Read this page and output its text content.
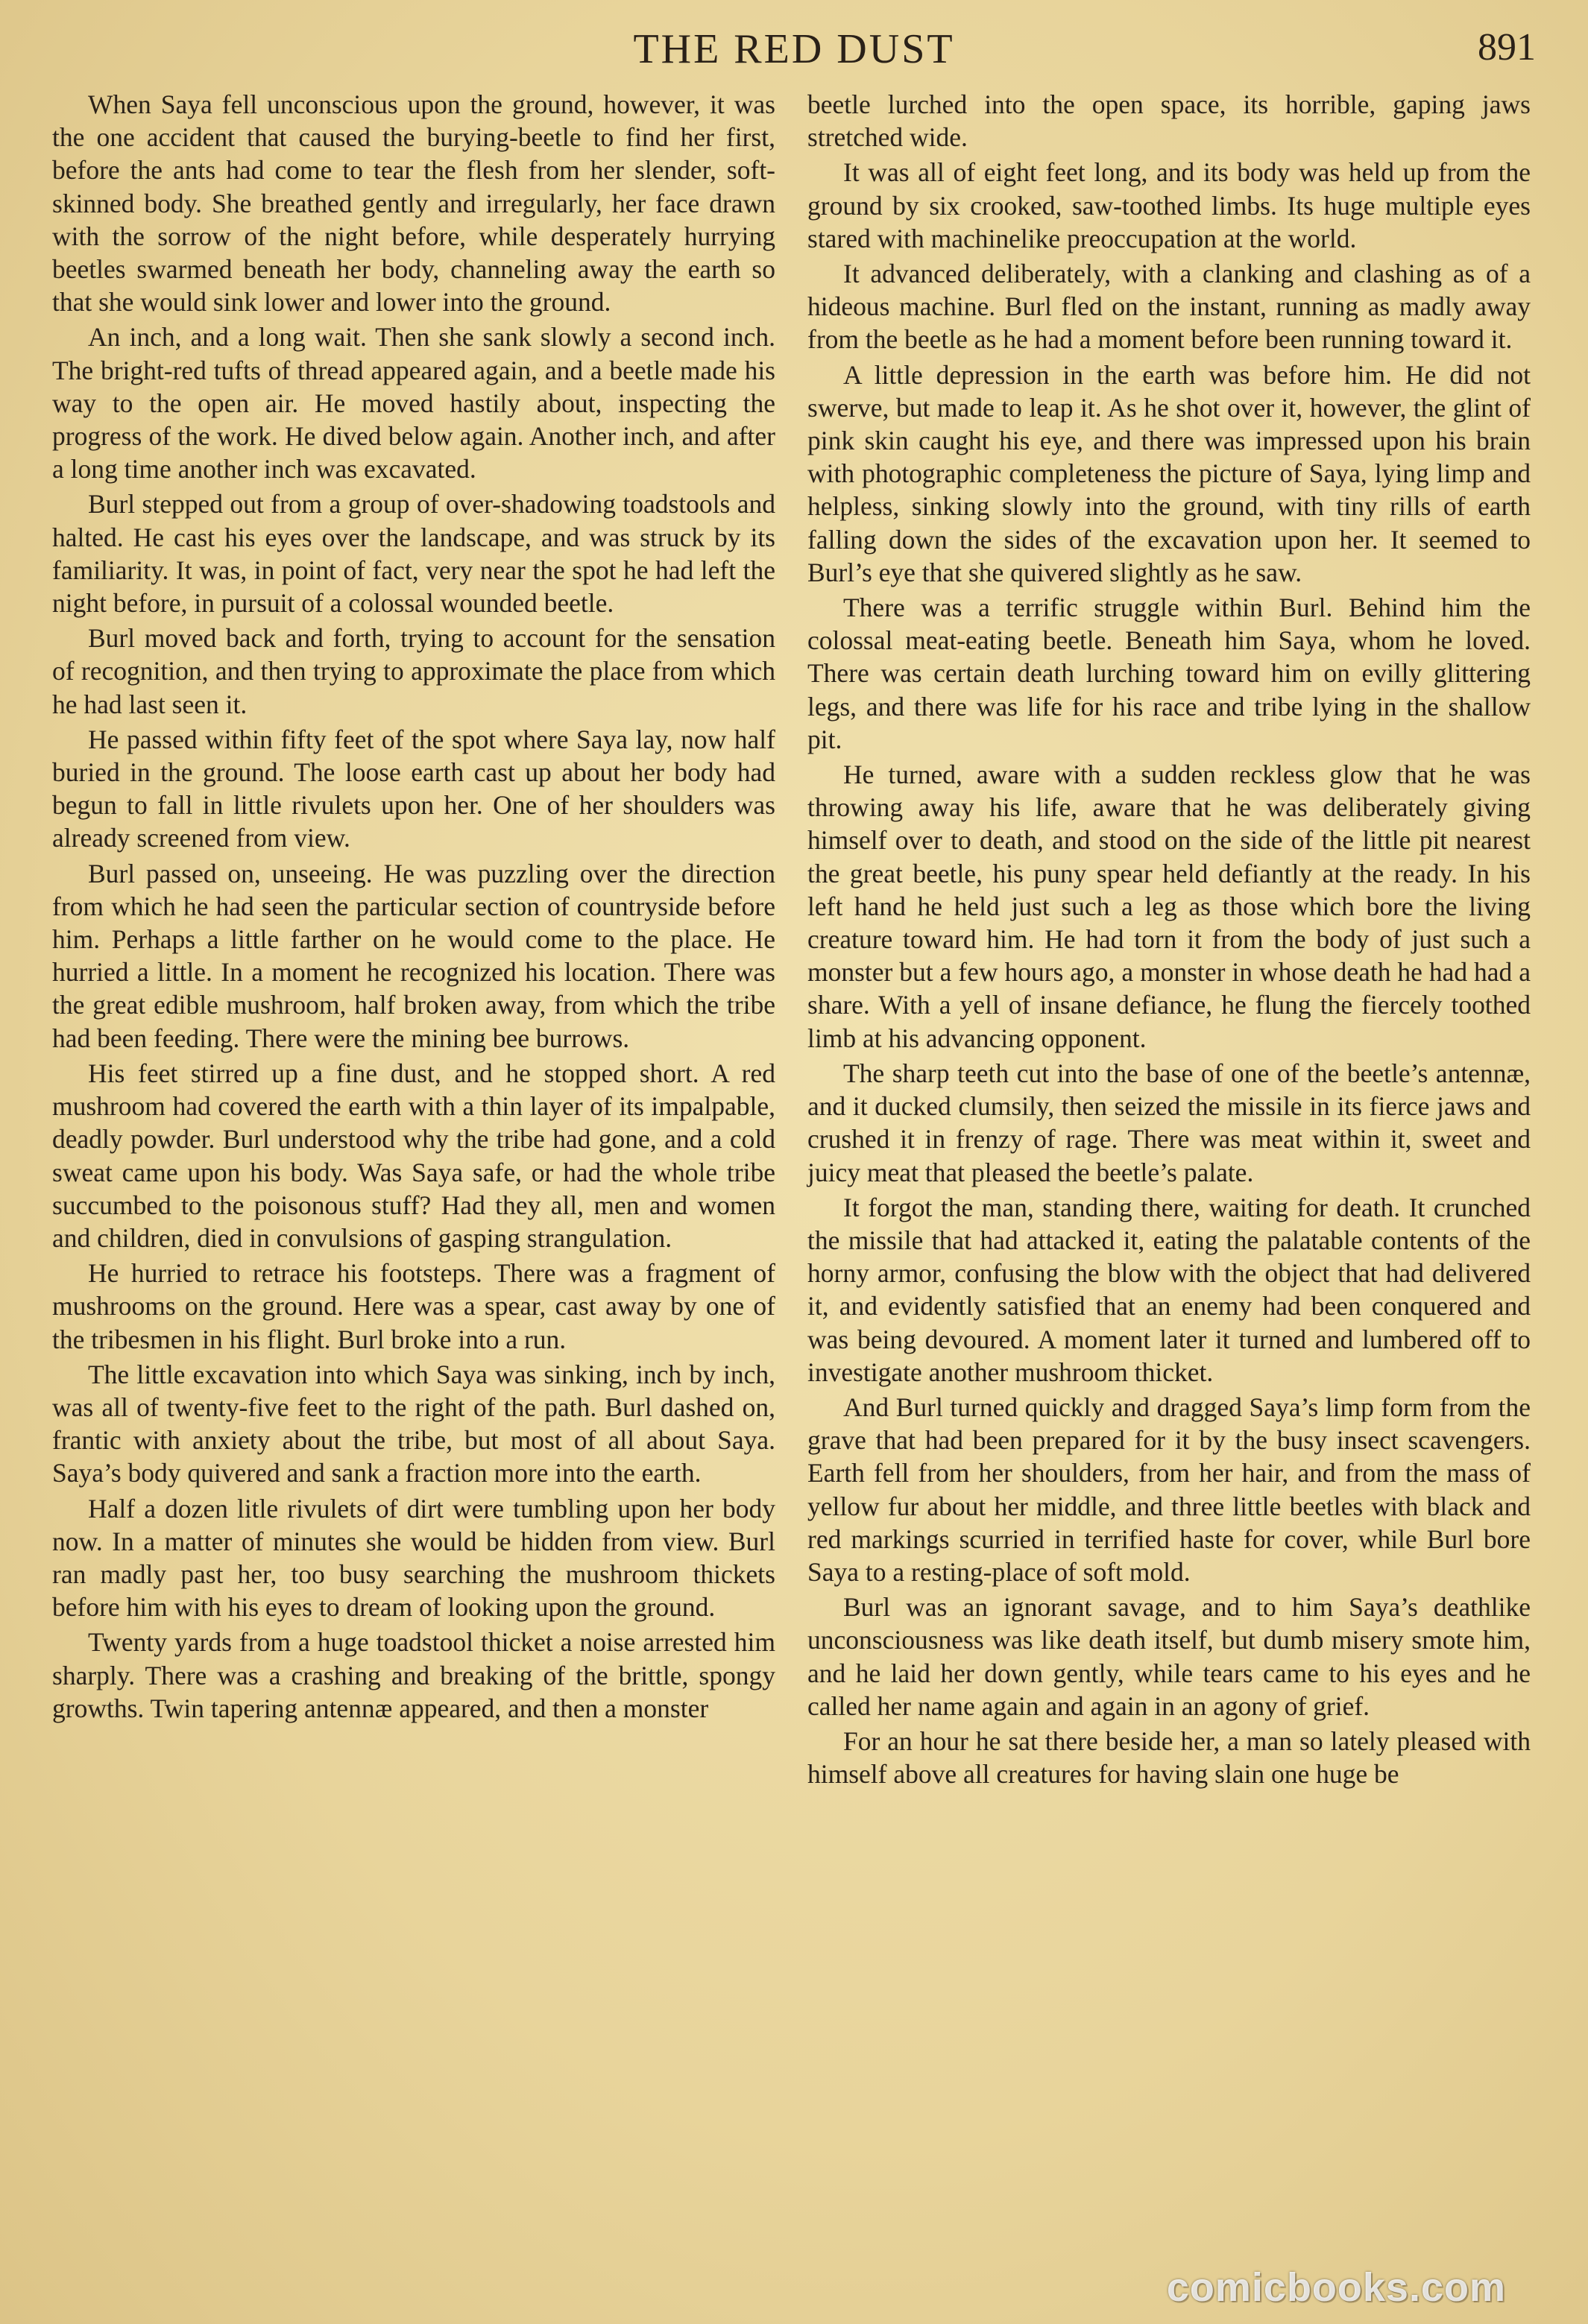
THE RED DUST	891

When Saya fell unconscious upon the ground, however, it was the one accident that caused the burying-beetle to find her first, before the ants had come to tear the flesh from her slender, soft-skinned body. She breathed gently and irregularly, her face drawn with the sorrow of the night before, while desperately hurrying beetles swarmed beneath her body, channeling away the earth so that she would sink lower and lower into the ground.

An inch, and a long wait. Then she sank slowly a second inch. The bright-red tufts of thread appeared again, and a beetle made his way to the open air. He moved hastily about, inspecting the progress of the work. He dived below again. Another inch, and after a long time another inch was excavated.

Burl stepped out from a group of over-shadowing toadstools and halted. He cast his eyes over the landscape, and was struck by its familiarity. It was, in point of fact, very near the spot he had left the night before, in pursuit of a colossal wounded beetle.

Burl moved back and forth, trying to account for the sensation of recognition, and then trying to approximate the place from which he had last seen it.

He passed within fifty feet of the spot where Saya lay, now half buried in the ground. The loose earth cast up about her body had begun to fall in little rivulets upon her. One of her shoulders was already screened from view.

Burl passed on, unseeing. He was puzzling over the direction from which he had seen the particular section of countryside before him. Perhaps a little farther on he would come to the place. He hurried a little. In a moment he recognized his location. There was the great edible mushroom, half broken away, from which the tribe had been feeding. There were the mining bee burrows.

His feet stirred up a fine dust, and he stopped short. A red mushroom had covered the earth with a thin layer of its impalpable, deadly powder. Burl understood why the tribe had gone, and a cold sweat came upon his body. Was Saya safe, or had the whole tribe succumbed to the poisonous stuff? Had they all, men and women and children, died in convulsions of gasping strangulation.

He hurried to retrace his footsteps. There was a fragment of mushrooms on the ground. Here was a spear, cast away by one of the tribesmen in his flight. Burl broke into a run.

The little excavation into which Saya was sinking, inch by inch, was all of twenty-five feet to the right of the path. Burl dashed on, frantic with anxiety about the tribe, but most of all about Saya. Saya’s body quivered and sank a fraction more into the earth.

Half a dozen litle rivulets of dirt were tumbling upon her body now. In a matter of minutes she would be hidden from view. Burl ran madly past her, too busy searching the mushroom thickets before him with his eyes to dream of looking upon the ground.

Twenty yards from a huge toadstool thicket a noise arrested him sharply. There was a crashing and breaking of the brittle, spongy growths. Twin tapering antennæ appeared, and then a monster

beetle lurched into the open space, its horrible, gaping jaws stretched wide.

It was all of eight feet long, and its body was held up from the ground by six crooked, saw-toothed limbs. Its huge multiple eyes stared with machinelike preoccupation at the world.

It advanced deliberately, with a clanking and clashing as of a hideous machine. Burl fled on the instant, running as madly away from the beetle as he had a moment before been running toward it.

A little depression in the earth was before him. He did not swerve, but made to leap it. As he shot over it, however, the glint of pink skin caught his eye, and there was impressed upon his brain with photographic completeness the picture of Saya, lying limp and helpless, sinking slowly into the ground, with tiny rills of earth falling down the sides of the excavation upon her. It seemed to Burl’s eye that she quivered slightly as he saw.

There was a terrific struggle within Burl. Behind him the colossal meat-eating beetle. Beneath him Saya, whom he loved. There was certain death lurching toward him on evilly glittering legs, and there was life for his race and tribe lying in the shallow pit.

He turned, aware with a sudden reckless glow that he was throwing away his life, aware that he was deliberately giving himself over to death, and stood on the side of the little pit nearest the great beetle, his puny spear held defiantly at the ready. In his left hand he held just such a leg as those which bore the living creature toward him. He had torn it from the body of just such a monster but a few hours ago, a monster in whose death he had had a share. With a yell of insane defiance, he flung the fiercely toothed limb at his advancing opponent.

The sharp teeth cut into the base of one of the beetle’s antennæ, and it ducked clumsily, then seized the missile in its fierce jaws and crushed it in frenzy of rage. There was meat within it, sweet and juicy meat that pleased the beetle’s palate.

It forgot the man, standing there, waiting for death. It crunched the missile that had attacked it, eating the palatable contents of the horny armor, confusing the blow with the object that had delivered it, and evidently satisfied that an enemy had been conquered and was being devoured. A moment later it turned and lumbered off to investigate another mushroom thicket.

And Burl turned quickly and dragged Saya’s limp form from the grave that had been prepared for it by the busy insect scavengers. Earth fell from her shoulders, from her hair, and from the mass of yellow fur about her middle, and three little beetles with black and red markings scurried in terrified haste for cover, while Burl bore Saya to a resting-place of soft mold.

Burl was an ignorant savage, and to him Saya’s deathlike unconsciousness was like death itself, but dumb misery smote him, and he laid her down gently, while tears came to his eyes and he called her name again and again in an agony of grief.

For an hour he sat there beside her, a man so lately pleased with himself above all creatures for having slain one huge be

comicbooks.com
